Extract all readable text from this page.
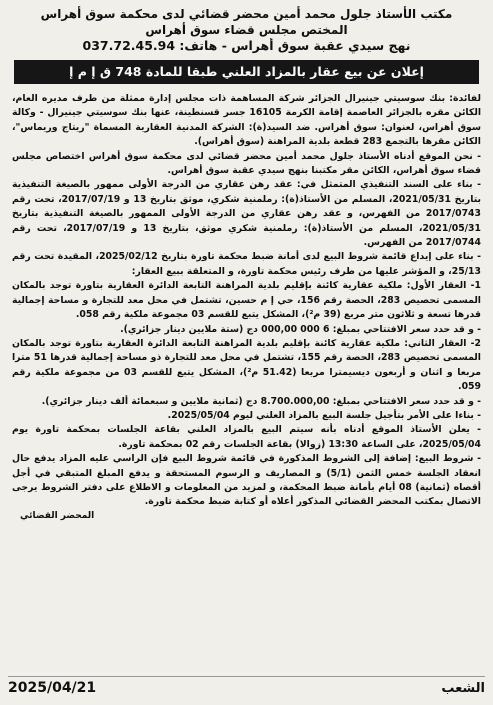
مكتب الأستاذ جلول محمد أمين محضر قضائي لدى محكمة سوق أهراس
المختص مجلس قضاء سوق أهراس
نهج سيدي عقبة سوق أهراس - هاتف: 037.72.45.94
إعلان عن بيع عقار بالمزاد العلني طبقا للمادة 748 ق إ م إ

لفائدة: بنك سوسيتي جينيرال الجزائر شركة المساهمة ذات مجلس إدارة ممثلة من طرف مديره العام، الكائن مقره بالجزائر العاصمة إقامة الكرمة 16105 جسر قسنطينة، عنها بنك سوسيتي جينيرال - وكالة سوق أهراس، لعنوان: سوق أهراس. ضد السيد(ة): الشركة المدنية العقارية المسماة "ريتاج وريماس"، الكائن مقرها بالتجمع 283 قطعة بلدية المراهنة (سوق أهراس).

- نحن الموقع أدناه الأستاذ جلول محمد أمين محضر قضائي لدى محكمة سوق أهراس اختصاص مجلس قضاء سوق أهراس، الكائن مقر مكتبنا بنهج سيدي عقبة سوق أهراس.

- بناء على السند التنفيذي المتمثل في: عقد رهن عقاري من الدرجة الأولى ممهور بالصيغة التنفيذية بتاريخ 2021/05/31، المسلم من الأستاذ(ة): رملمنية شكري، موثق بتاريخ 13 و 2017/07/19، تحت رقم 2017/0743 من الفهرس، و عقد رهن عقاري من الدرجة الأولى الممهور بالصيغة التنفيذية بتاريخ 2021/05/31، المسلم من الأستاذ(ة): رملمنية شكري موثق، بتاريخ 13 و 2017/07/19، تحت رقم 2017/0744 من الفهرس.

- بناء على إيداع قائمة شروط البيع لدى أمانة ضبط محكمة تاورة بتاريخ 2025/02/12، المقيدة تحت رقم 25/13، و المؤشر عليها من طرف رئيس محكمة تاورة، و المتعلقة ببيع العقار:

1- العقار الأول: ملكية عقارية كائنة بإقليم بلدية المراهنة التابعة الدائرة العقارية بتاورة توجد بالمكان المسمى تحصيص 283، الحصة رقم 156، حي إ م حسين، تشتمل في محل معد للتجارة و مساحة إجمالية قدرها تسعة و ثلاثون متر مربع (39 م²)، المشكل يتبع للقسم 03 مجموعة ملكية رقم 058.

- و قد حدد سعر الافتتاحي بمبلغ: 6 000 000,00 دج (ستة ملايين دينار جزائري).

2- العقار الثاني: ملكية عقارية كائنة بإقليم بلدية المراهنة التابعة الدائرة العقارية بتاورة توجد بالمكان المسمى تحصيص 283، الحصة رقم 155، تشتمل في محل معد للتجارة ذو مساحة إجمالية قدرها 51 مترا مربعا و اثنان و أربعون ديسيمترا مربعا (51.42 م²)، المشكل يتبع للقسم 03 من مجموعة ملكية رقم 059.

- و قد حدد سعر الافتتاحي بمبلغ: 8.700.000,00 دج (ثمانية ملايين و سبعمائة ألف دينار جزائري).

- بناءا على الأمر بتأجيل جلسة البيع بالمزاد العلني ليوم 2025/05/04.

- يعلن الأستاذ الموقع أدناه بأنه سيتم البيع بالمزاد العلني بقاعة الجلسات بمحكمة تاورة يوم 2025/05/04، على الساعة 13:30 (زوالا) بقاعة الجلسات رقم 02 بمحكمة تاورة.

- شروط البيع: إضافة إلى الشروط المذكورة في قائمة شروط البيع فإن الراسي عليه المزاد يدفع حال انعقاد الجلسة خمس الثمن (5/1) و المصاريف و الرسوم المستحقة و يدفع المبلغ المتبقي في أجل أقصاه (ثمانية) 08 أيام بأمانة ضبط المحكمة، و لمزيد من المعلومات و الاطلاع على دفتر الشروط يرجى الاتصال بمكتب المحضر القضائي المذكور أعلاه أو كتابة ضبط محكمة تاورة.

المحضر القضائي
2025/04/21	الشعب
